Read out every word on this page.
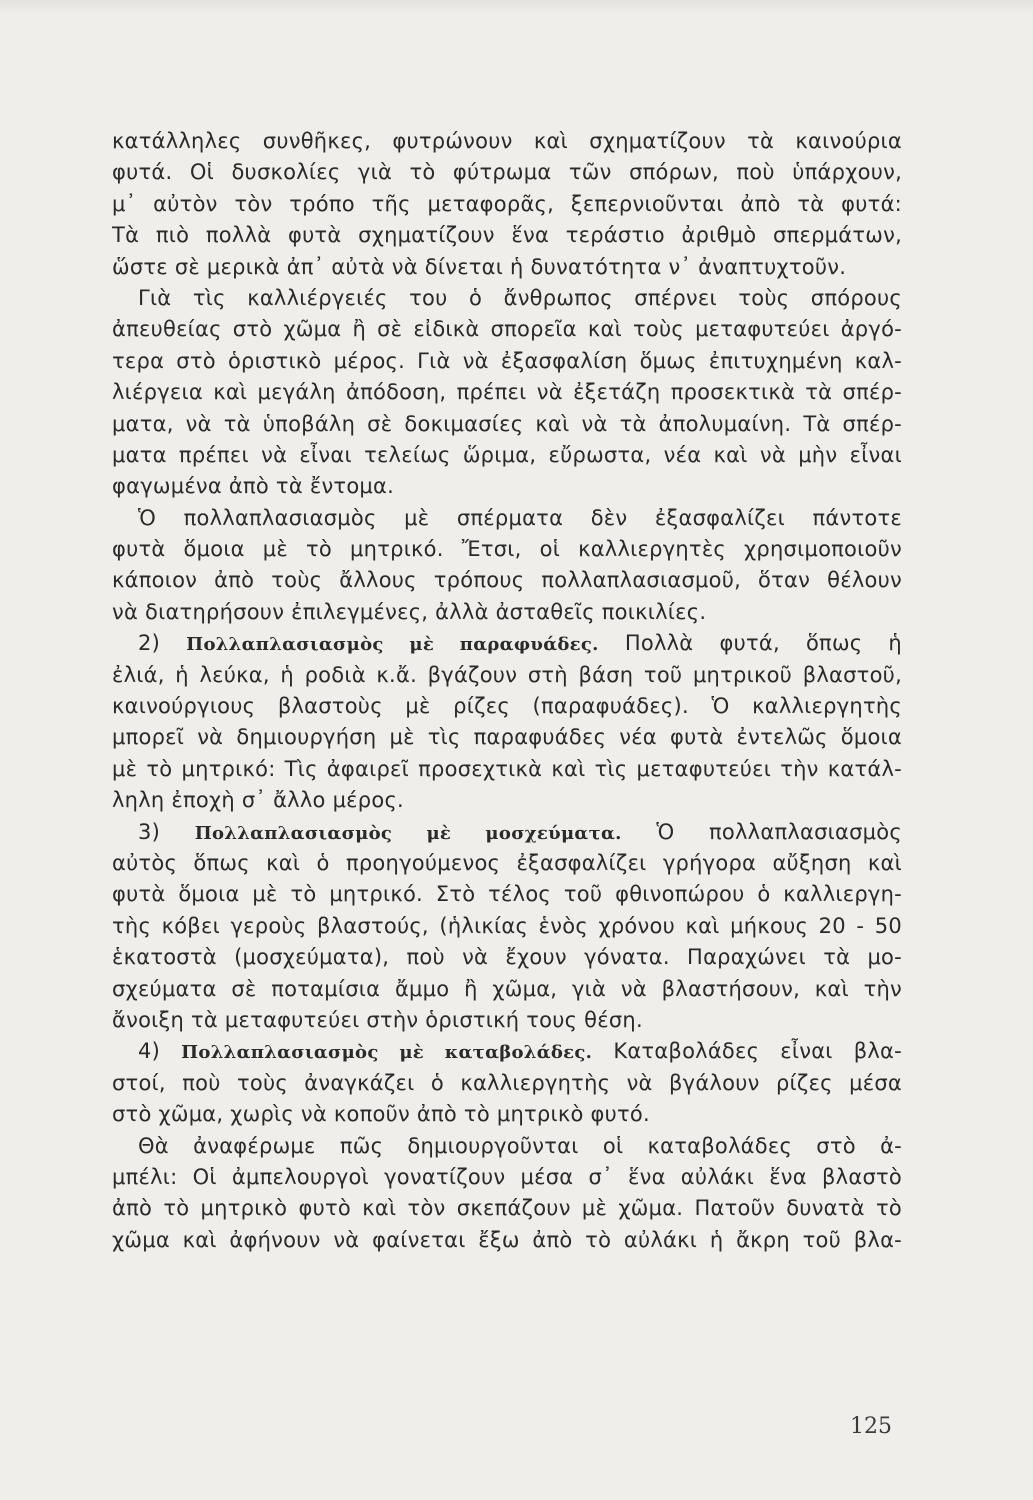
κατάλληλες συνθῆκες, φυτρώνουν καὶ σχηματίζουν τὰ καινούρια
φυτά. Οἱ δυσκολίες γιὰ τὸ φύτρωμα τῶν σπόρων, ποὺ ὑπάρχουν,
μ᾿ αὐτὸν τὸν τρόπο τῆς μεταφορᾶς, ξεπερνιοῦνται ἀπὸ τὰ φυτά:
Τὰ πιὸ πολλὰ φυτὰ σχηματίζουν ἕνα τεράστιο ἀριθμὸ σπερμάτων,
ὥστε σὲ μερικὰ ἀπ᾿ αὐτὰ νὰ δίνεται ἡ δυνατότητα ν᾿ ἀναπτυχτοῦν.
Γιὰ τὶς καλλιέργειές του ὁ ἄνθρωπος σπέρνει τοὺς σπόρους
ἀπευθείας στὸ χῶμα ἢ σὲ εἰδικὰ σπορεῖα καὶ τοὺς μεταφυτεύει ἀργό-
τερα στὸ ὁριστικὸ μέρος. Γιὰ νὰ ἐξασφαλίση ὅμως ἐπιτυχημένη καλ-
λιέργεια καὶ μεγάλη ἀπόδοση, πρέπει νὰ ἐξετάζη προσεκτικὰ τὰ σπέρ-
ματα, νὰ τὰ ὑποβάλη σὲ δοκιμασίες καὶ νὰ τὰ ἀπολυμαίνη. Τὰ σπέρ-
ματα πρέπει νὰ εἶναι τελείως ὥριμα, εὔρωστα, νέα καὶ νὰ μὴν εἶναι
φαγωμένα ἀπὸ τὰ ἔντομα.
Ὁ πολλαπλασιασμὸς μὲ σπέρματα δὲν ἐξασφαλίζει πάντοτε
φυτὰ ὅμοια μὲ τὸ μητρικό. Ἔτσι, οἱ καλλιεργητὲς χρησιμοποιοῦν
κάποιον ἀπὸ τοὺς ἄλλους τρόπους πολλαπλασιασμοῦ, ὅταν θέλουν
νὰ διατηρήσουν ἐπιλεγμένες, ἀλλὰ ἀσταθεῖς ποικιλίες.
2) Πολλαπλασιασμὸς μὲ παραφυάδες. Πολλὰ φυτά, ὅπως ἡ
ἐλιά, ἡ λεύκα, ἡ ροδιὰ κ.ἄ. βγάζουν στὴ βάση τοῦ μητρικοῦ βλαστοῦ,
καινούργιους βλαστοὺς μὲ ρίζες (παραφυάδες). Ὁ καλλιεργητὴς
μπορεῖ νὰ δημιουργήση μὲ τὶς παραφυάδες νέα φυτὰ ἐντελῶς ὅμοια
μὲ τὸ μητρικό: Τὶς ἀφαιρεῖ προσεχτικὰ καὶ τὶς μεταφυτεύει τὴν κατάλ-
ληλη ἐποχὴ σ᾿ ἄλλο μέρος.
3) Πολλαπλασιασμὸς μὲ μοσχεύματα. Ὁ πολλαπλασιασμὸς
αὐτὸς ὅπως καὶ ὁ προηγούμενος ἐξασφαλίζει γρήγορα αὔξηση καὶ
φυτὰ ὅμοια μὲ τὸ μητρικό. Στὸ τέλος τοῦ φθινοπώρου ὁ καλλιεργη-
τὴς κόβει γεροὺς βλαστούς, (ἡλικίας ἑνὸς χρόνου καὶ μήκους 20 - 50
ἑκατοστὰ (μοσχεύματα), ποὺ νὰ ἔχουν γόνατα. Παραχώνει τὰ μο-
σχεύματα σὲ ποταμίσια ἄμμο ἢ χῶμα, γιὰ νὰ βλαστήσουν, καὶ τὴν
ἄνοιξη τὰ μεταφυτεύει στὴν ὁριστική τους θέση.
4) Πολλαπλασιασμὸς μὲ καταβολάδες. Καταβολάδες εἶναι βλα-
στοί, ποὺ τοὺς ἀναγκάζει ὁ καλλιεργητὴς νὰ βγάλουν ρίζες μέσα
στὸ χῶμα, χωρὶς νὰ κοποῦν ἀπὸ τὸ μητρικὸ φυτό.
Θὰ ἀναφέρωμε πῶς δημιουργοῦνται οἱ καταβολάδες στὸ ἀ-
μπέλι: Οἱ ἀμπελουργοὶ γονατίζουν μέσα σ᾿ ἕνα αὐλάκι ἕνα βλαστὸ
ἀπὸ τὸ μητρικὸ φυτὸ καὶ τὸν σκεπάζουν μὲ χῶμα. Πατοῦν δυνατὰ τὸ
χῶμα καὶ ἀφήνουν νὰ φαίνεται ἔξω ἀπὸ τὸ αὐλάκι ἡ ἄκρη τοῦ βλα-
125
